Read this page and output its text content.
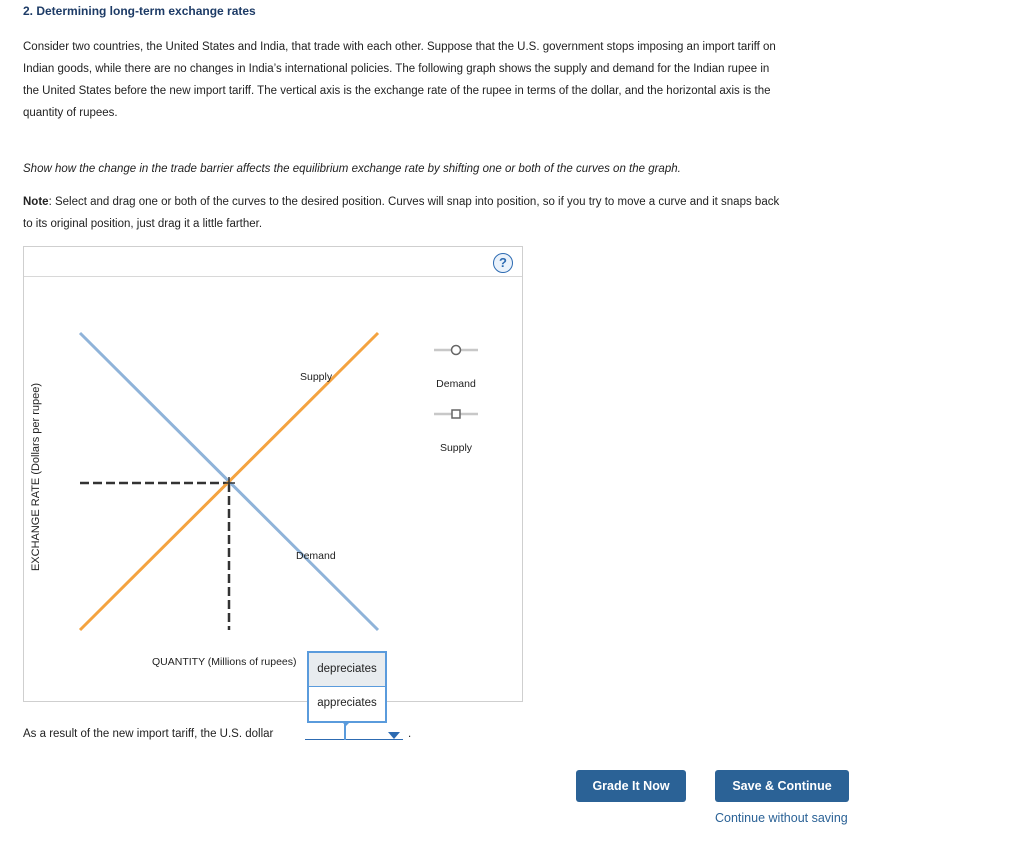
2. Determining long-term exchange rates
Consider two countries, the United States and India, that trade with each other. Suppose that the U.S. government stops imposing an import tariff on
Indian goods, while there are no changes in India’s international policies. The following graph shows the supply and demand for the Indian rupee in
the United States before the new import tariff. The vertical axis is the exchange rate of the rupee in terms of the dollar, and the horizontal axis is the
quantity of rupees.
Show how the change in the trade barrier affects the equilibrium exchange rate by shifting one or both of the curves on the graph.
Note: Select and drag one or both of the curves to the desired position. Curves will snap into position, so if you try to move a curve and it snaps back
to its original position, just drag it a little farther.
?
EXCHANGE RATE (Dollars per rupee)
QUANTITY (Millions of rupees)
Supply
Demand
Demand
Supply
As a result of the new import tariff, the U.S. dollar	.
depreciates
appreciates
Grade It Now	Save & Continue
Continue without saving
